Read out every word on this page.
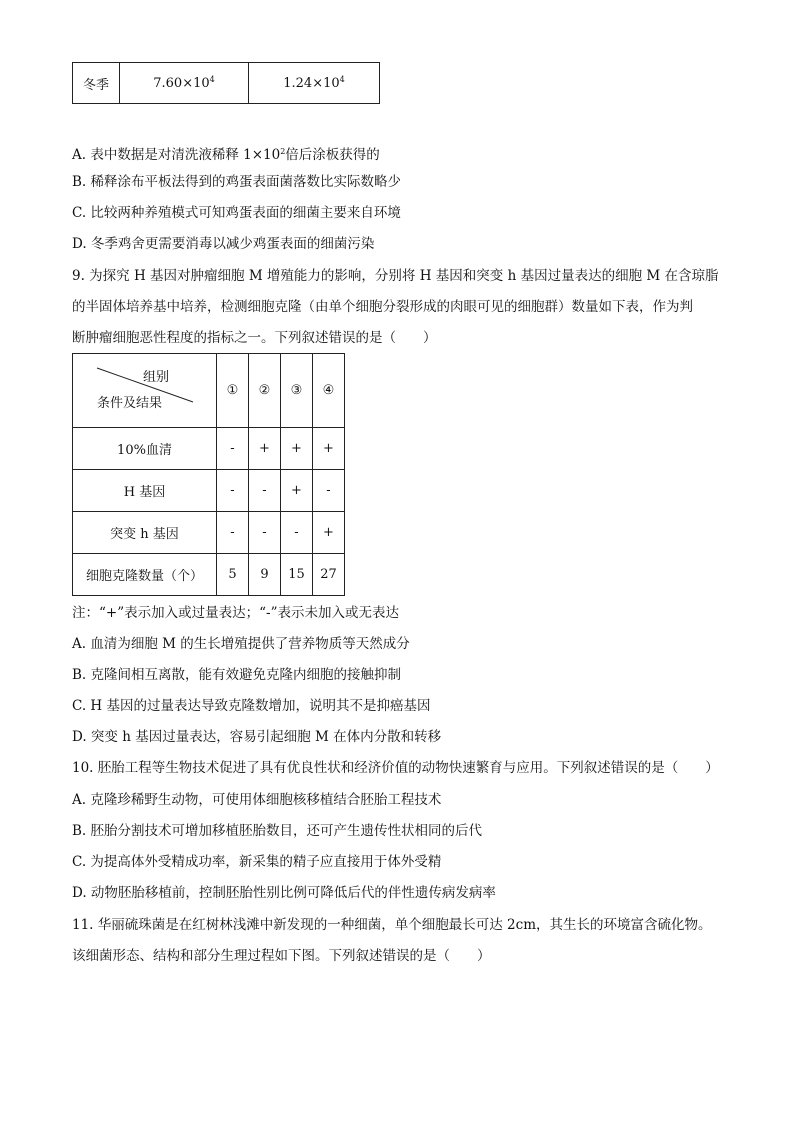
冬季	$7.60\times 10^4$	$1.24\times 10^4$
A. 表中数据是对清洗液稀释 $1\times 10^2$倍后涂板获得的
B. 稀释涂布平板法得到的鸡蛋表面菌落数比实际数略少
C. 比较两种养殖模式可知鸡蛋表面的细菌主要来自环境
D. 冬季鸡舍更需要消毒以减少鸡蛋表面的细菌污染
9. 为探究 H 基因对肿瘤细胞 M 增殖能力的影响，分别将 H 基因和突变 h 基因过量表达的细胞 M 在含琼脂
的半固体培养基中培养，检测细胞克隆（由单个细胞分裂形成的肉眼可见的细胞群）数量如下表，作为判
断肿瘤细胞恶性程度的指标之一。下列叙述错误的是（　　）
组别
条件及结果	①	②	③	④
10%血清	-	+	+	+
H 基因	-	-	+	-
突变 h 基因	-	-	-	+
细胞克隆数量（个）	5	9	15	27
注：“+”表示加入或过量表达；“-”表示未加入或无表达
A. 血清为细胞 M 的生长增殖提供了营养物质等天然成分
B. 克隆间相互离散，能有效避免克隆内细胞的接触抑制
C. H 基因的过量表达导致克隆数增加，说明其不是抑癌基因
D. 突变 h 基因过量表达，容易引起细胞 M 在体内分散和转移
10. 胚胎工程等生物技术促进了具有优良性状和经济价值的动物快速繁育与应用。下列叙述错误的是（　　）
A. 克隆珍稀野生动物，可使用体细胞核移植结合胚胎工程技术
B. 胚胎分割技术可增加移植胚胎数目，还可产生遗传性状相同的后代
C. 为提高体外受精成功率，新采集的精子应直接用于体外受精
D. 动物胚胎移植前，控制胚胎性别比例可降低后代的伴性遗传病发病率
11. 华丽硫珠菌是在红树林浅滩中新发现的一种细菌，单个细胞最长可达 2cm，其生长的环境富含硫化物。
该细菌形态、结构和部分生理过程如下图。下列叙述错误的是（　　）
